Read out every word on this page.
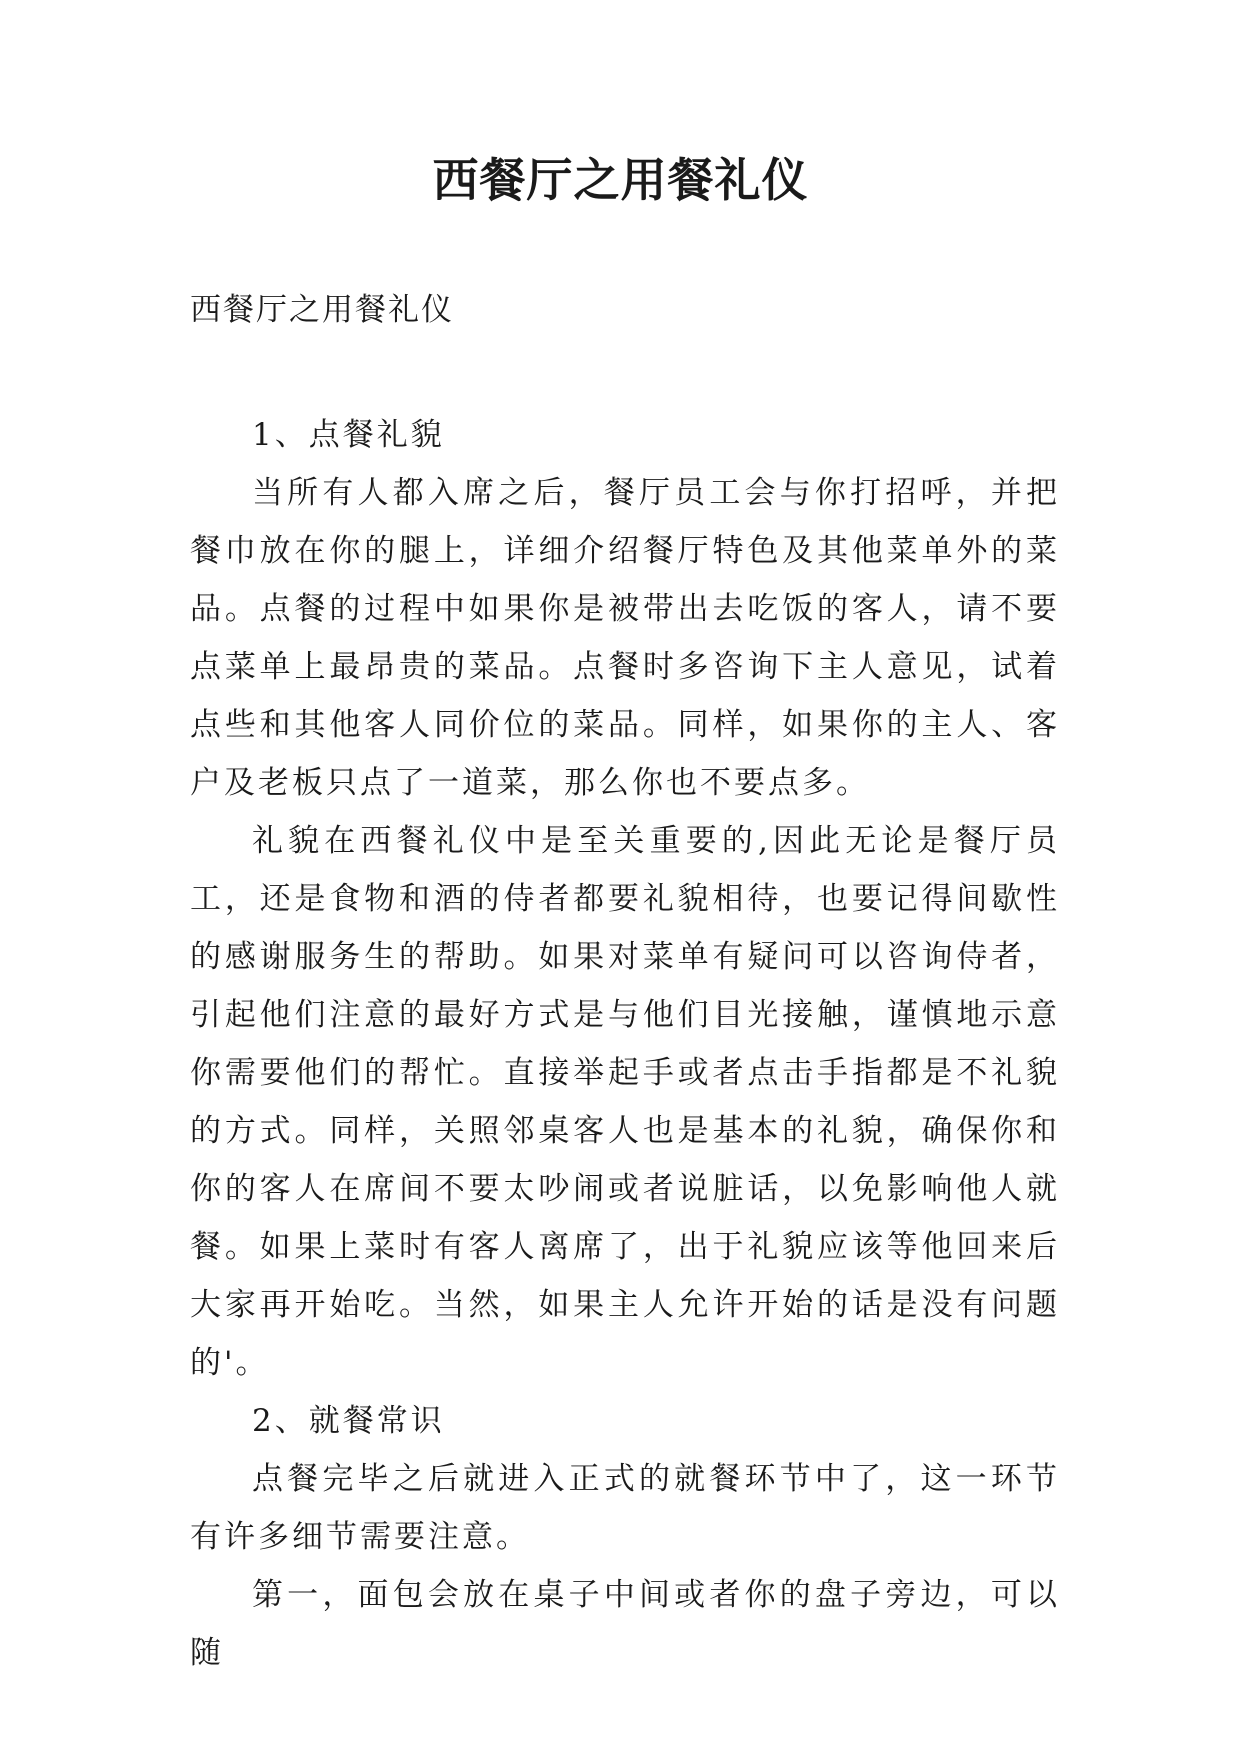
西餐厅之用餐礼仪
西餐厅之用餐礼仪

1、点餐礼貌

当所有人都入席之后，餐厅员工会与你打招呼，并把餐巾放在你的腿上，详细介绍餐厅特色及其他菜单外的菜品。点餐的过程中如果你是被带出去吃饭的客人，请不要点菜单上最昂贵的菜品。点餐时多咨询下主人意见，试着点些和其他客人同价位的菜品。同样，如果你的主人、客户及老板只点了一道菜，那么你也不要点多。

礼貌在西餐礼仪中是至关重要的,因此无论是餐厅员工，还是食物和酒的侍者都要礼貌相待，也要记得间歇性的感谢服务生的帮助。如果对菜单有疑问可以咨询侍者，引起他们注意的最好方式是与他们目光接触，谨慎地示意你需要他们的帮忙。直接举起手或者点击手指都是不礼貌的方式。同样，关照邻桌客人也是基本的礼貌，确保你和你的客人在席间不要太吵闹或者说脏话，以免影响他人就餐。如果上菜时有客人离席了，出于礼貌应该等他回来后大家再开始吃。当然，如果主人允许开始的话是没有问题的'。

2、就餐常识

点餐完毕之后就进入正式的就餐环节中了，这一环节有许多细节需要注意。

第一，面包会放在桌子中间或者你的盘子旁边，可以随
